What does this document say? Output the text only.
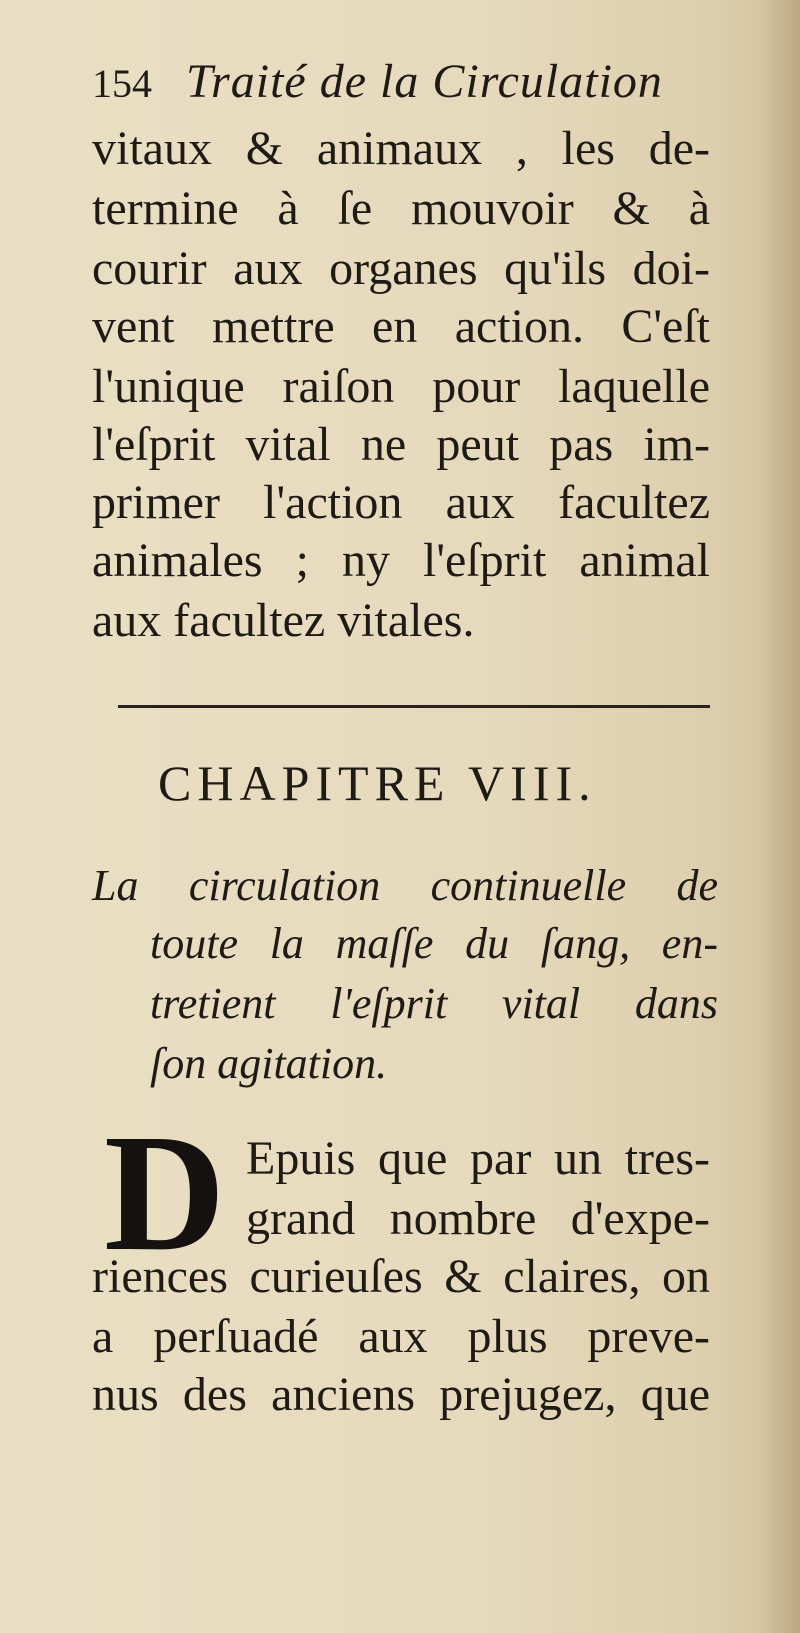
154 Traité de la Circulation
vitaux & animaux , les de-
termine à ſe mouvoir & à
courir aux organes qu'ils doi-
vent mettre en action. C'eſt
l'unique raiſon pour laquelle
l'eſprit vital ne peut pas im-
primer l'action aux facultez
animales ; ny l'eſprit animal
aux facultez vitales.
CHAPITRE VIII.
La circulation continuelle de
toute la maſſe du ſang, en-
tretient l'eſprit vital dans
ſon agitation.
D Epuis que par un tres-
grand nombre d'expe-
riences curieuſes & claires, on
a perſuadé aux plus preve-
nus des anciens prejugez, que
